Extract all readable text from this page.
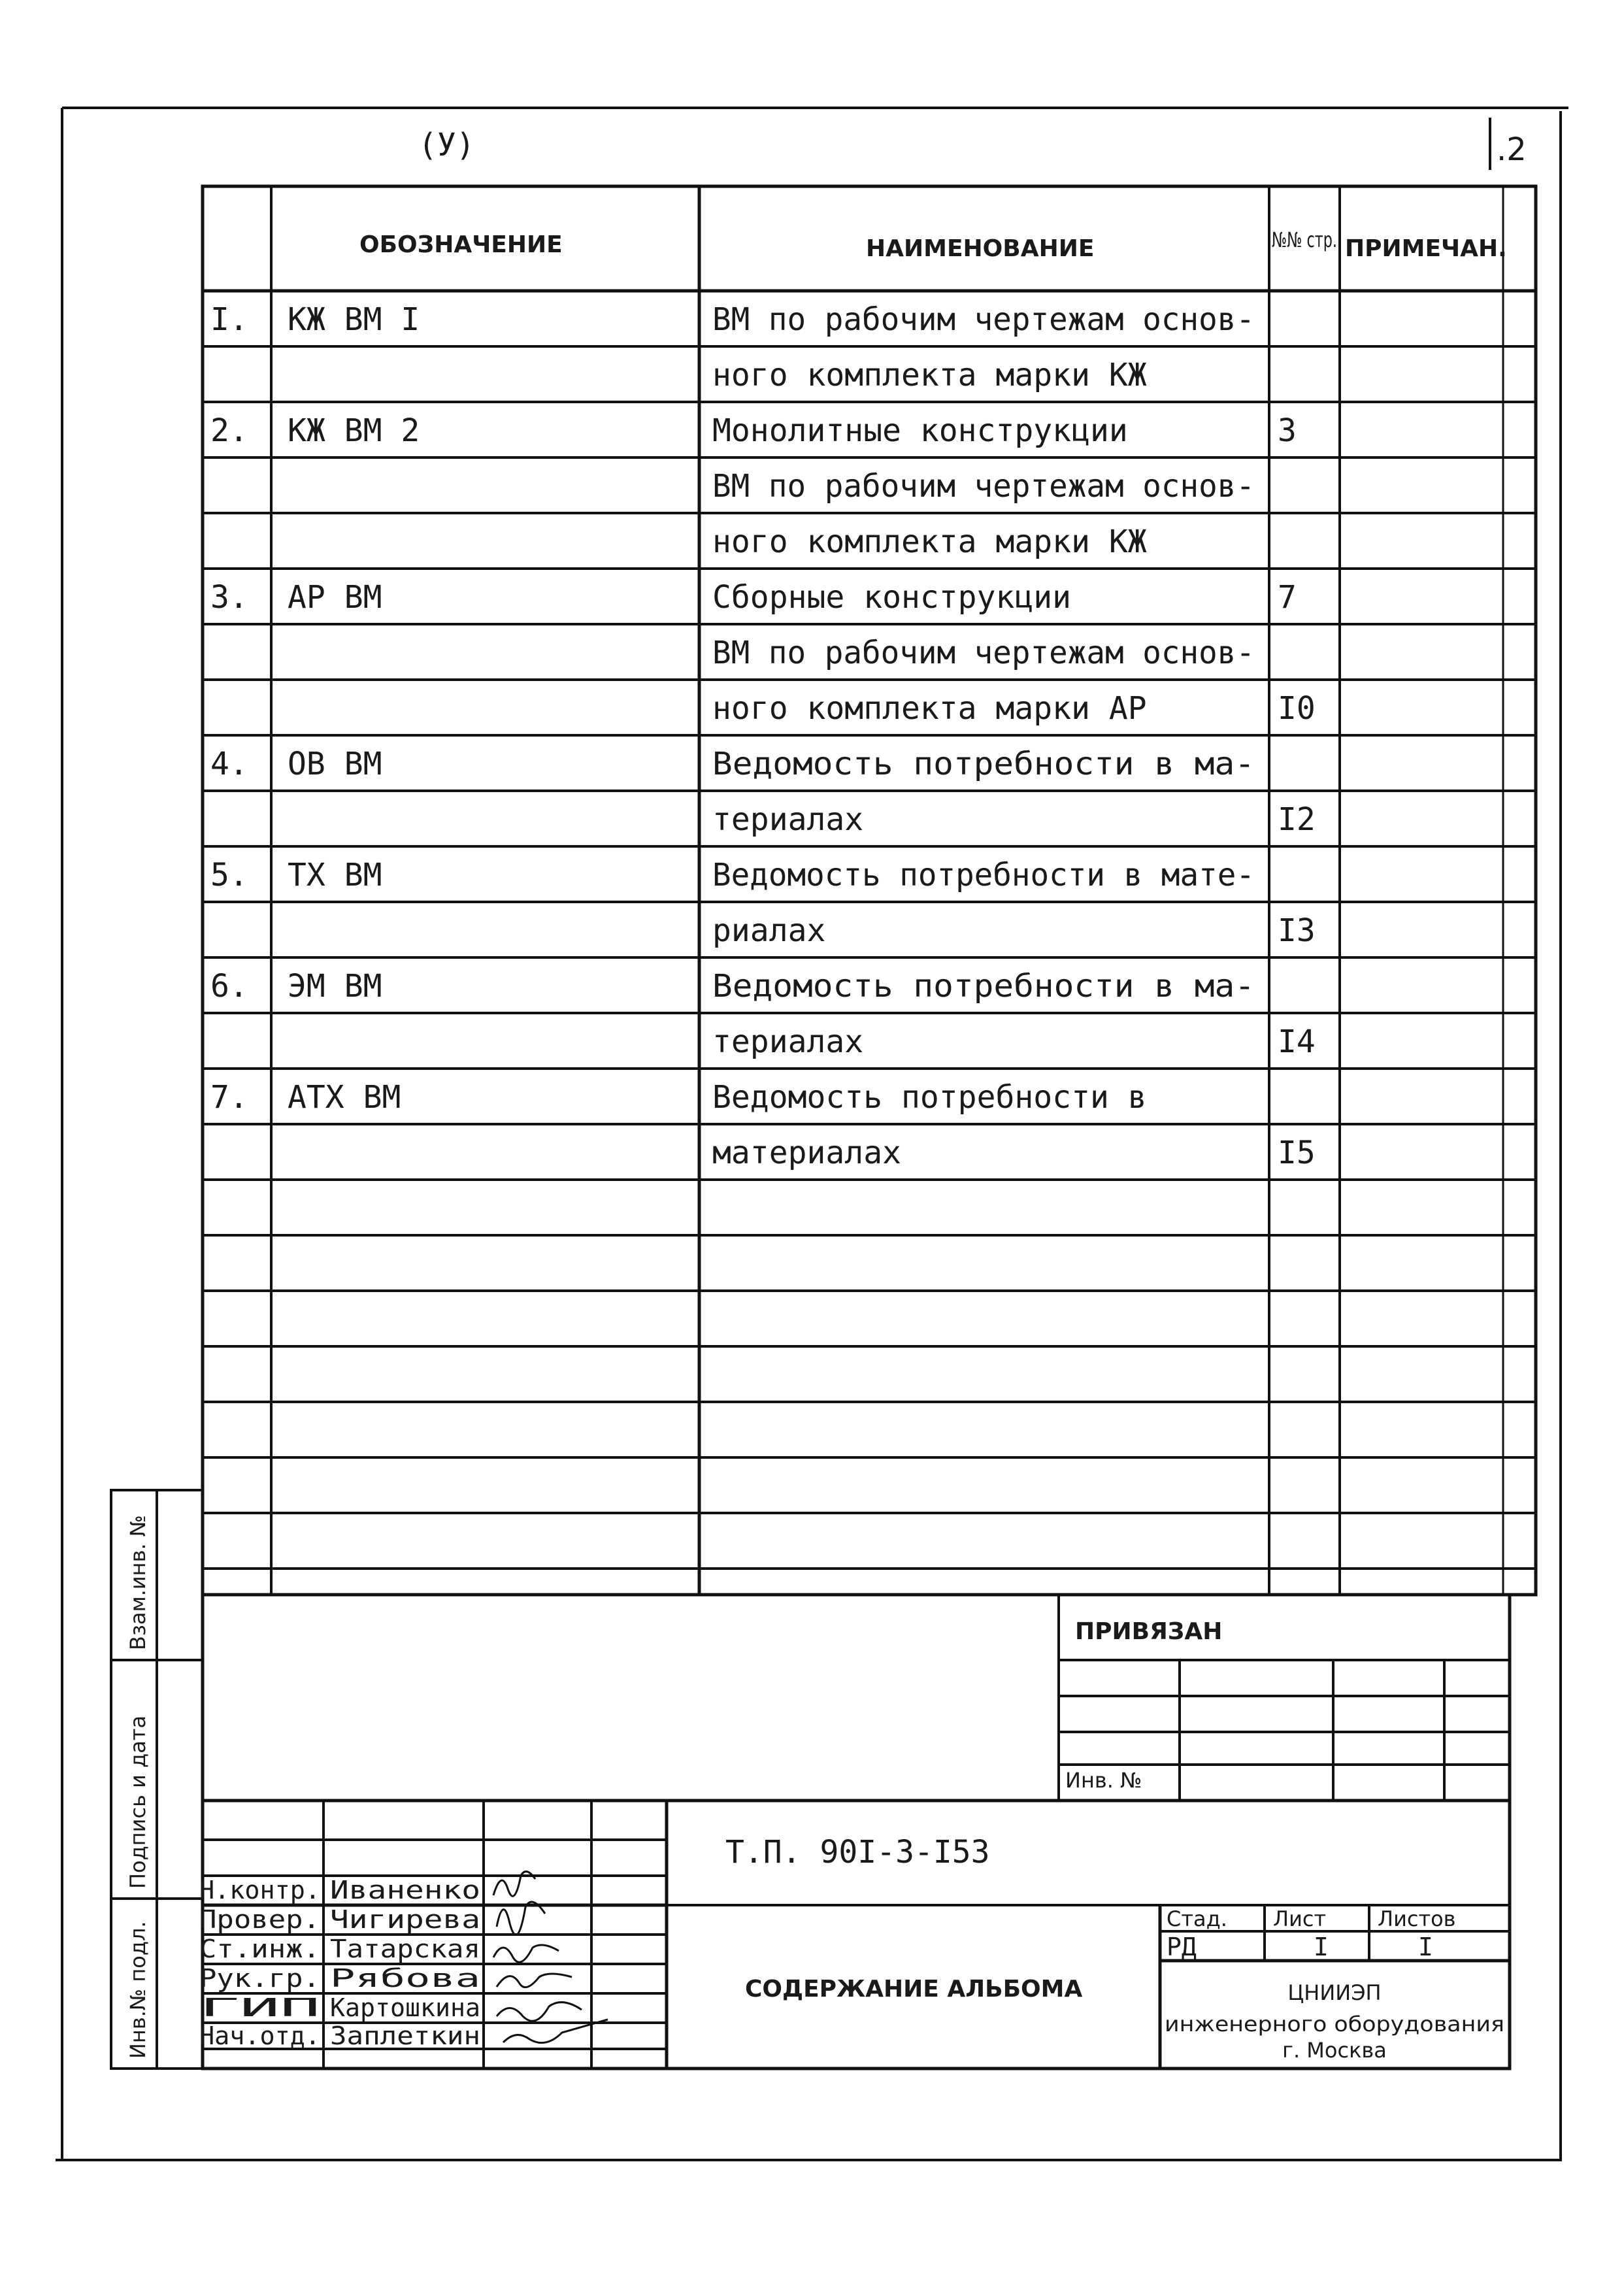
(У)	.2
ОБОЗНАЧЕНИЕ	НАИМЕНОВАНИЕ	№№ стр. ПРИМЕЧАН.
I. КЖ ВМ I	ВМ по рабочим чертежам основ-
ного комплекта марки КЖ
2. КЖ ВМ 2	Монолитные конструкции	3
ВМ по рабочим чертежам основ-
ного комплекта марки КЖ
3. АР ВМ	Сборные конструкции	7
ВМ по рабочим чертежам основ-
ного комплекта марки АР	I0
4. ОВ ВМ	Ведомость потребности в ма-
териалах	I2
5. ТХ ВМ	Ведомость потребности в мате-
риалах	I3
6. ЭМ ВМ	Ведомость потребности в ма-
териалах	I4
7. АТХ ВМ	Ведомость потребности в
материалах	I5
Взам.инв. №
Подпись и дата
Инв.№ подл.
ПРИВЯЗАН
Инв. №
Т.П. 90I-3-I53
СОДЕРЖАНИЕ АЛЬБОМА
Н.контр. Иваненко
Провер. Чигирева
Ст.инж. Татарская
Рук.гр. Рябова
ГИП Картошкина
Нач.отд. Заплеткин
Стад. Лист Листов
РД	I	I
ЦНИИЭП
инженерного оборудования
г. Москва
